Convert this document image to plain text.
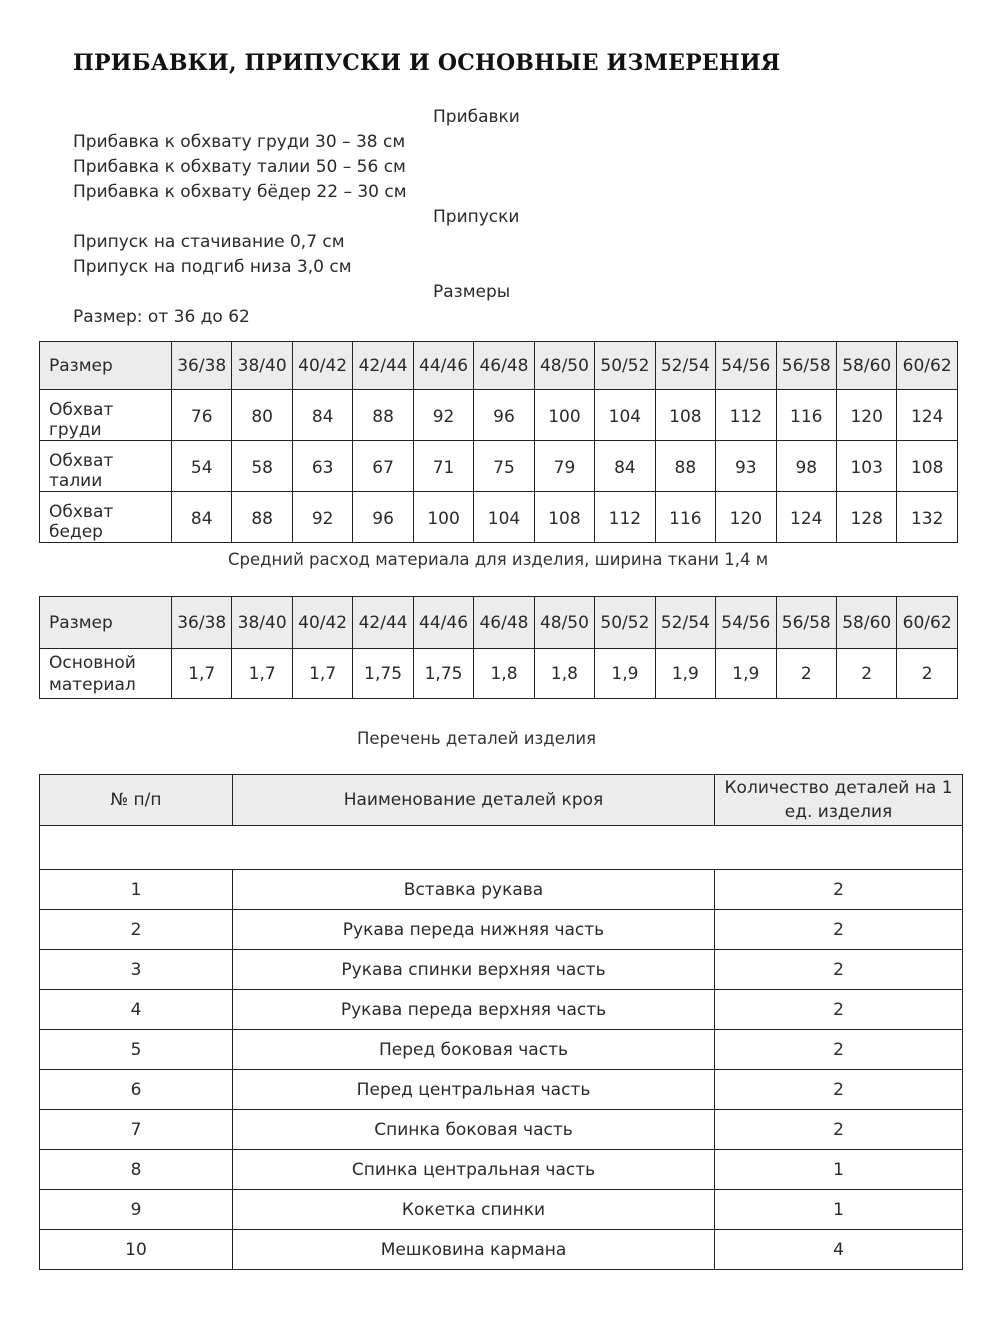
ПРИБАВКИ, ПРИПУСКИ И ОСНОВНЫЕ ИЗМЕРЕНИЯ
Прибавки
Прибавка к обхвату груди 30 – 38 см
Прибавка к обхвату талии 50 – 56 см
Прибавка к обхвату бёдер 22 – 30 см
Припуски
Припуск на стачивание 0,7 см
Припуск на подгиб низа 3,0 см
Размеры
Размер: от 36 до 62
Размер	36/38	38/40	40/42	42/44	44/46	46/48	48/50	50/52	52/54	54/56	56/58	58/60	60/62
Обхват груди	76	80	84	88	92	96	100	104	108	112	116	120	124
Обхват талии	54	58	63	67	71	75	79	84	88	93	98	103	108
Обхват бедер	84	88	92	96	100	104	108	112	116	120	124	128	132
Средний расход материала для изделия, ширина ткани 1,4 м
Размер	36/38	38/40	40/42	42/44	44/46	46/48	48/50	50/52	52/54	54/56	56/58	58/60	60/62

Основной
материал	1,7	1,7	1,7	1,75	1,75	1,8	1,8	1,9	1,9	1,9	2	2	2
Перечень деталей изделия
№ п/п	Наименование деталей кроя	Количество деталей на 1
ед. изделия

1	Вставка рукава	2
2	Рукава переда нижняя часть	2
3	Рукава спинки верхняя часть	2
4	Рукава переда верхняя часть	2
5	Перед боковая часть	2
6	Перед центральная часть	2
7	Спинка боковая часть	2
8	Спинка центральная часть	1
9	Кокетка спинки	1
10	Мешковина кармана	4
